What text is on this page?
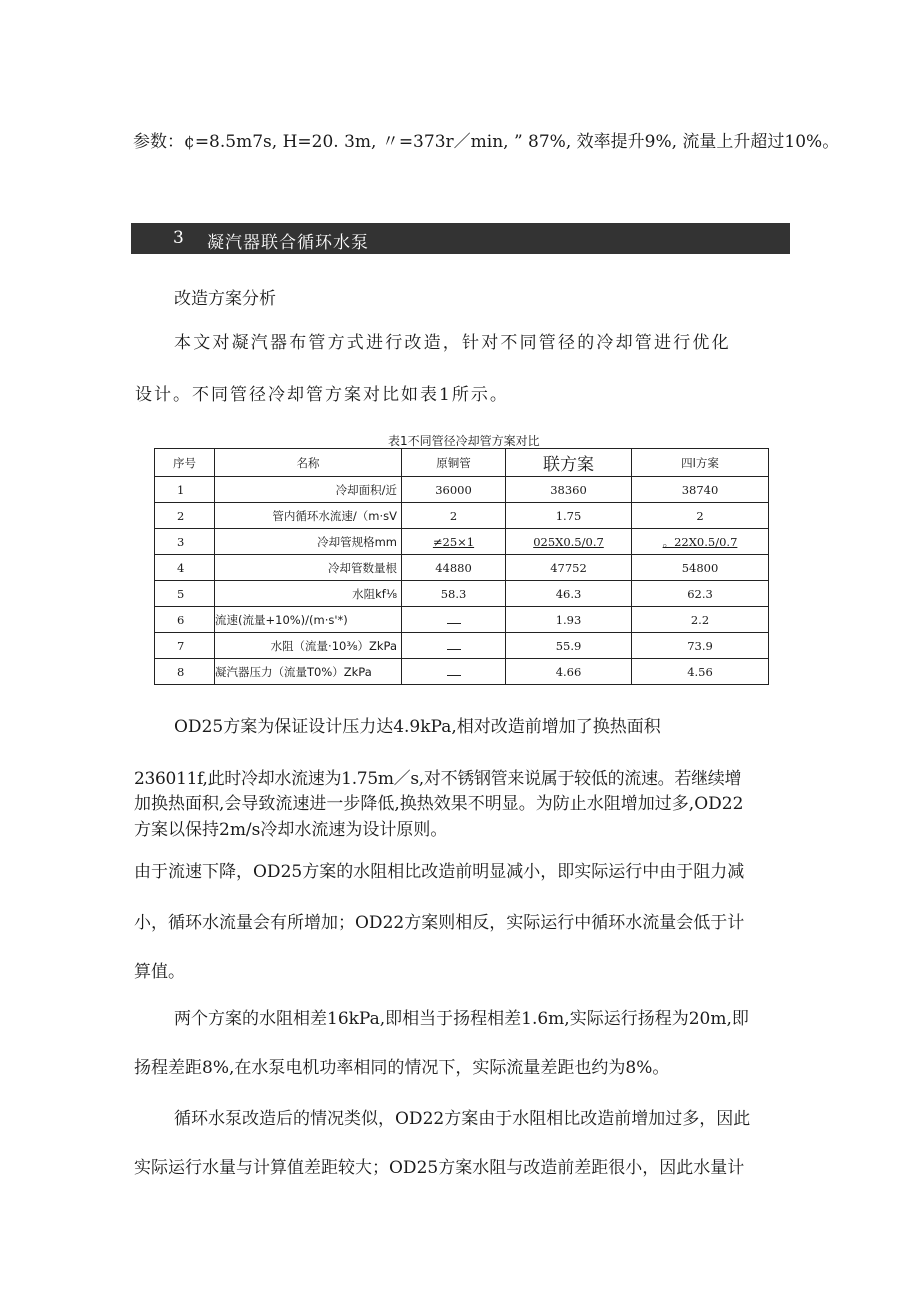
参数：¢=8.5m7s, H=20. 3m, 〃=373r／min, ” 87%, 效率提升9%, 流量上升超过10%。

3 凝汽器联合循环水泵

改造方案分析

本文对凝汽器布管方式进行改造，针对不同管径的冷却管进行优化

设计。不同管径冷却管方案对比如表1所示。

表1不同管径冷却管方案对比
序号	名称	原铜管	联方案	四l方案
1	冷却面积/近	36000	38360	38740
2	管内循环水流速/（m·sV	2	1.75	2
3	冷却管规格mm	≠25×1	025X0.5/0.7	。22X0.5/0.7
4	冷却管数量根	44880	47752	54800
5	水阻kf⅛	58.3	46.3	62.3
6	流速(流量+10%)/(m·s'*)		1.93	2.2
7	水阻（流量·10⅜）ZkPa		55.9	73.9
8	凝汽器压力（流量T0%）ZkPa		4.66	4.56

OD25方案为保证设计压力达4.9kPa,相对改造前增加了换热面积

236011f,此时冷却水流速为1.75m／s,对不锈钢管来说属于较低的流速。若继续增

加换热面积,会导致流速进一步降低,换热效果不明显。为防止水阻增加过多,OD22

方案以保持2m/s冷却水流速为设计原则。

由于流速下降，OD25方案的水阻相比改造前明显减小，即实际运行中由于阻力减

小，循环水流量会有所增加；OD22方案则相反，实际运行中循环水流量会低于计

算值。

两个方案的水阻相差16kPa,即相当于扬程相差1.6m,实际运行扬程为20m,即

扬程差距8%,在水泵电机功率相同的情况下，实际流量差距也约为8%。

循环水泵改造后的情况类似，OD22方案由于水阻相比改造前增加过多，因此

实际运行水量与计算值差距较大；OD25方案水阻与改造前差距很小，因此水量计
